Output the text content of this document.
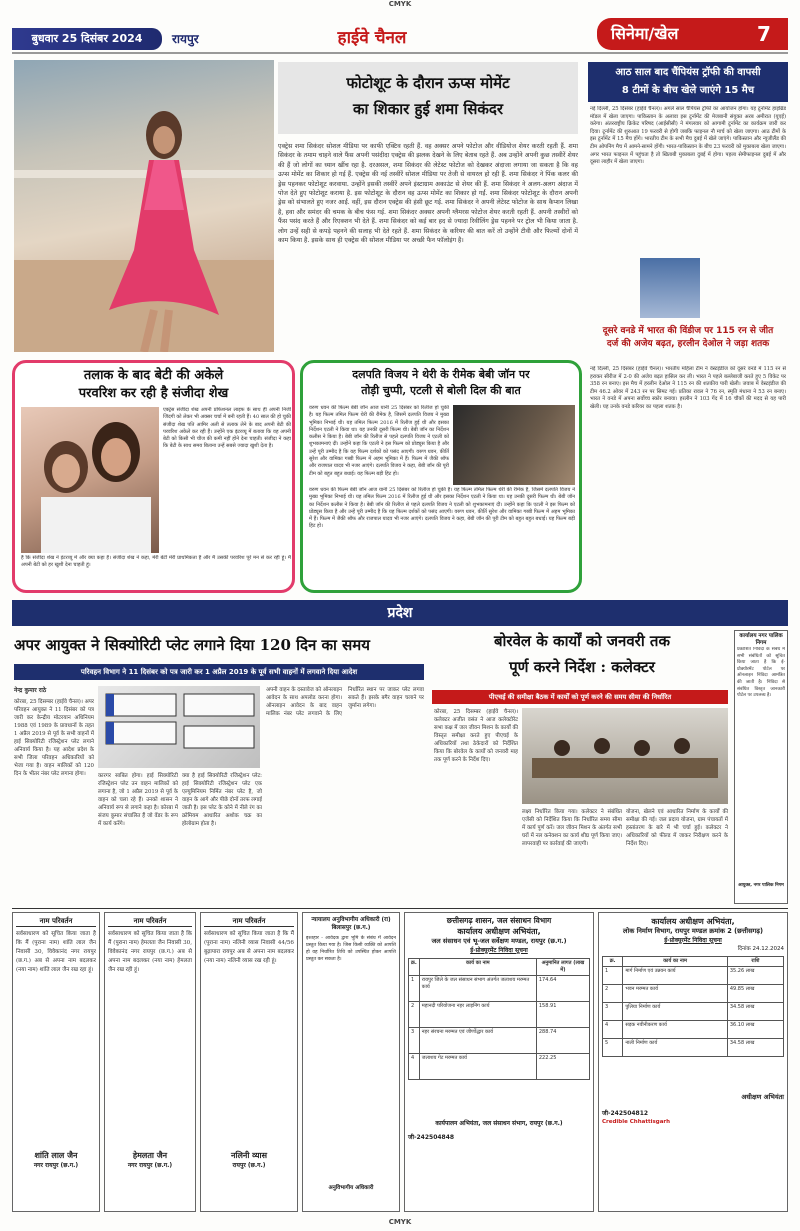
CMYK
बुधवार 25 दिसंबर 2024	रायपुर	हाईवे चैनल	सिनेमा/खेल	7
फोटोशूट के दौरान ऊप्स मोमेंट
का शिकार हुई शमा सिकंदर
एक्ट्रेस शमा सिकंदर सोशल मीडिया पर काफी एक्टिव रहती हैं. वह अक्सर अपने फोटोज और वीडियोज शेयर करती रहती हैं. शमा सिकंदर के तमाम चाहने वाले फैंस अपनी पसंदीदा एक्ट्रेस की झलक देखने के लिए बेताब रहते हैं. अब उन्होंने अपनी कुछ तस्वीरें शेयर की हैं जो लोगों का ध्यान खींच रहा है. दरअसल, शमा सिकंदर की लेटेस्ट फोटोज को देखकर अंदाजा लगाया जा सकता है कि वह ऊप्स मोमेंट का शिकार हो गई हैं. एक्ट्रेस की नई तस्वीरें सोशल मीडिया पर तेजी से वायरल हो रही हैं. शमा सिकंदर ने पिंक कलर की ड्रेस पहनकर फोटोशूट करवाया. उन्होंने इसकी तस्वीरें अपने इंस्टाग्राम अकाउंट से शेयर की हैं. शमा सिकंदर ने अलग-अलग अंदाज में पोज देते हुए फोटोशूट कराया है. इस फोटोशूट के दौरान वह ऊप्स मोमेंट का शिकार हो गईं. शमा सिकंदर फोटोशूट के दौरान अपनी ड्रेस को संभालते हुए नजर आईं. वहीं, इस दौरान एक्ट्रेस की हंसी छूट गई. शमा सिकंदर ने अपनी लेटेस्ट फोटोज के साथ कैप्शन लिखा है, हवा और समंदर की चमक के बीच फंस गई. शमा सिकंदर अक्सर अपनी ग्लैमरस फोटोज शेयर करती रहती हैं. अपनी तस्वीरों को फैंस पसंद करते हैं और रिएक्शन भी देते हैं. शमा सिकंदर को कई बार हद से ज्यादा रिवीलिंग ड्रेस पहनने पर ट्रोल भी किया जाता है. लोग उन्हें सही से कपड़े पहनने की सलाह भी देते रहते हैं. शमा सिकंदर के करियर की बात करें तो उन्होंने टीवी और फिल्मों दोनों में काम किया है. इसके साथ ही एक्ट्रेस की सोशल मीडिया पर अच्छी फैन फॉलोइंग है।
आठ साल बाद चैंपियंस ट्रॉफी की वापसी
8 टीमों के बीच खेले जाएंगे 15 मैच
नई दिल्ली, 25 दिसंबर (हाईवे चैनल)। अगले साल चैंपियंस ट्रॉफी का आयोजन होगा। यह टूर्नामेंट हाइब्रिड मॉडल में खेला जाएगा। पाकिस्तान के अलावा इस टूर्नामेंट की मेजबानी संयुक्त अरब अमीरात (यूएई) करेगा। अंतरराष्ट्रीय क्रिकेट परिषद (आईसीसी) ने मंगलवार को आगामी टूर्नामेंट का कार्यक्रम जारी कर दिया। टूर्नामेंट की शुरुआत 19 फरवरी से होगी जबकि फाइनल नौ मार्च को खेला जाएगा। आठ टीमों के इस टूर्नामेंट में 15 मैच होंगे। भारतीय टीम के सभी मैच दुबई में खेले जाएंगे। पाकिस्तान और न्यूजीलैंड की टीम ओपनिंग मैच में आमने-सामने होंगी। भारत-पाकिस्तान के बीच 23 फरवरी को मुकाबला खेला जाएगा। अगर भारत फाइनल में पहुंचता है तो खिताबी मुकाबला दुबई में होगा। पहला सेमीफाइनल दुबई में और दूसरा लाहौर में खेला जाएगा।
दूसरे वनडे में भारत की विंडीज पर 115 रन से जीत
दर्ज की अजेय बढ़त, हरलीन देओल ने जड़ा शतक
नई दिल्ली, 25 दिसंबर (हाईवे चैनल)। भारतीय महिला टीम ने वेस्टइंडीज को दूसरे वनडे में 115 रन से हराकर सीरीज में 2-0 की अजेय बढ़त हासिल कर ली। भारत ने पहले बल्लेबाजी करते हुए 5 विकेट पर 358 रन बनाए। इस मैच में हरलीन देओल ने 115 रन की शतकीय पारी खेली। जवाब में वेस्टइंडीज की टीम 46.2 ओवर में 243 रन पर सिमट गई। प्रतिका रावल ने 76 रन, स्मृति मंधाना ने 53 रन बनाए। भारत ने वनडे में अपना सर्वोच्च स्कोर बनाया। हरलीन ने 103 गेंद में 16 चौकों की मदद से यह पारी खेली। यह उनके वनडे करियर का पहला शतक है।
तलाक के बाद बेटी की अकेले
परवरिश कर रही है संजीदा शेख
एक्ट्रेस संजीदा शेख अपनी प्रोफेशनल लाइफ के साथ ही अपनी निजी जिंदगी को लेकर भी अक्सर चर्चा में बनी रहती हैं। 40 साल की हो चुकी संजीदा शेख पति आमिर अली से तलाक लेने के बाद अपनी बेटी की परवरिश अकेले कर रही हैं। उन्होंने एक इंटरव्यू में बताया कि वह अपनी बेटी को किसी भी चीज की कमी नहीं होने देना चाहती। संजीदा ने कहा कि बेटी के साथ समय बिताना उन्हें सबसे ज्यादा खुशी देता है।
हैं कि संजीदा शेख ने इंटरव्यू में और क्या कहा है। संजीदा शेख ने कहा, मेरी बेटी मेरी प्राथमिकता है और मैं उसकी परवरिश पूरे मन से कर रही हूं। मैं अपनी बेटी को हर खुशी देना चाहती हूं।
दलपति विजय ने थेरी के रीमेक बेबी जॉन पर
तोड़ी चुप्पी, एटली से बोली दिल की बात
वरुण धवन की फिल्म बेबी जॉन आज यानी 25 दिसंबर को रिलीज हो चुकी है। यह फिल्म तमिल फिल्म थेरी की रीमेक है, जिसमें दलपति विजय ने मुख्य भूमिका निभाई थी। यह तमिल फिल्म 2016 में रिलीज हुई थी और इसका निर्देशन एटली ने किया था। यह उनकी दूसरी फिल्म थी। बेबी जॉन का निर्देशन कलीस ने किया है। बेबी जॉन की रिलीज से पहले दलपति विजय ने एटली को शुभकामनाएं दीं। उन्होंने कहा कि एटली ने इस फिल्म को प्रोड्यूस किया है और उन्हें पूरी उम्मीद है कि यह फिल्म दर्शकों को पसंद आएगी। वरुण धवन, कीर्ति सुरेश और वामिका गब्बी फिल्म में अहम भूमिका में हैं। फिल्म में जैकी श्रॉफ और राजपाल यादव भी नजर आएंगे। दलपति विजय ने कहा, बेबी जॉन की पूरी टीम को बहुत बहुत बधाई। यह फिल्म बड़ी हिट हो।
वरुण धवन की फिल्म बेबी जॉन आज यानी 25 दिसंबर को रिलीज हो चुकी है। यह फिल्म तमिल फिल्म थेरी की रीमेक है, जिसमें दलपति विजय ने मुख्य भूमिका निभाई थी। यह तमिल फिल्म 2016 में रिलीज हुई थी और इसका निर्देशन एटली ने किया था। यह उनकी दूसरी फिल्म थी। बेबी जॉन का निर्देशन कलीस ने किया है। बेबी जॉन की रिलीज से पहले दलपति विजय ने एटली को शुभकामनाएं दीं। उन्होंने कहा कि एटली ने इस फिल्म को प्रोड्यूस किया है और उन्हें पूरी उम्मीद है कि यह फिल्म दर्शकों को पसंद आएगी। वरुण धवन, कीर्ति सुरेश और वामिका गब्बी फिल्म में अहम भूमिका में हैं। फिल्म में जैकी श्रॉफ और राजपाल यादव भी नजर आएंगे। दलपति विजय ने कहा, बेबी जॉन की पूरी टीम को बहुत बहुत बधाई। यह फिल्म बड़ी हिट हो।
प्रदेश
अपर आयुक्त ने सिक्योरिटी प्लेट लगाने दिया 120 दिन का समय
परिवहन विभाग ने 11 दिसंबर को पत्र जारी कर 1 अप्रैल 2019 के पूर्व सभी वाहनों में लगवाने दिया आदेश
नेन्द्र कुमार राठे
कोरबा, 25 दिसम्बर (हाईवे चैनल)। अपर परिवहन आयुक्त ने 11 दिसंबर को पत्र जारी कर केन्द्रीय मोटरयान अधिनियम 1988 एवं 1989 के प्रावधानों के तहत 1 अप्रैल 2019 से पूर्व के सभी वाहनों में हाई सिक्योरिटी रजिस्ट्रेशन प्लेट लगाने अनिवार्य किया है। यह आदेश प्रदेश के सभी जिला परिवहन अधिकारियों को भेजा गया है। वाहन मालिकों को 120 दिन के भीतर नंबर प्लेट लगाना होगा।	कारगर साबित होगा। हाई सिक्योरिटी रजिस्ट्रेशन प्लेट उन वाहन मालिकों को लगाना है, जो 1 अप्रैल 2019 से पूर्व के वाहन को चला रहे हैं। उनको शासन ने अनिवार्य रूप से लगाने कहा है। कोरबा में संजय कुमार संचालित हैं जो वेंडर के रूप में कार्य करेंगे।
क्या है हाई सिक्योरिटी रजिस्ट्रेशन प्लेट: हाई सिक्योरिटी रजिस्ट्रेशन प्लेट एक एल्युमिनियम निर्मित नंबर प्लेट है, जो वाहन के आगे और पीछे दोनों तरफ लगाई जाती है। इस प्लेट के कोने में नीले रंग का क्रोमियम आधारित अशोक चक्र का होलोग्राम होता है।
अपनी वाहन के दस्तावेज को ऑनलाइन आवेदन के साथ अपलोड करना होगा। ऑनलाइन आवेदन के बाद वाहन मालिक नंबर प्लेट लगवाने के लिए निर्धारित स्थान पर जाकर प्लेट लगवा सकते हैं। इसके बगैर वाहन चलाने पर जुर्माना लगेगा।
बोरवेल के कार्यों को जनवरी तक
पूर्ण करने निर्देश : कलेक्टर
पीएचई की समीक्षा बैठक में कार्यों को पूर्ण करने की समय सीमा की निर्धारित
कोरबा, 25 दिसम्बर (हाईवे चैनल)। कलेक्टर अजीत वसंत ने आज कलेक्टोरेट सभा कक्ष में जल जीवन मिशन के कार्यों की विस्तृत समीक्षा करते हुए पीएचई के अधिकारियों तथा ठेकेदारों को निर्देशित किया कि बोरवेल के कार्यों को जनवरी माह तक पूर्ण करने के निर्देश दिए।
लक्ष्य निर्धारित किया गया। कलेक्टर ने संबंधित एजेंसी को निर्देशित किया कि निर्धारित समय सीमा में कार्य पूर्ण करें। जल जीवन मिशन के अंतर्गत सभी घरों में नल कनेक्शन का कार्य शीघ्र पूर्ण किया जाए। लापरवाही पर कार्रवाई की जाएगी।
योजना, खेलने एवं आधारित निर्माण के कार्यों की समीक्षा की गई। जल प्रदाय योजना, ग्राम पंचायतों में हस्तांतरण के बारे में भी चर्चा हुई। कलेक्टर ने अधिकारियों को फील्ड में जाकर निरीक्षण करने के निर्देश दिए।
कार्यालय नगर पालिक निगम
प्रकाशित निविदा के संबंध में सभी संबंधितों को सूचित किया जाता है कि ई-प्रोक्योरमेंट पोर्टल पर ऑनलाइन निविदा आमंत्रित की जाती है। निविदा से संबंधित विस्तृत जानकारी पोर्टल पर उपलब्ध है।
आयुक्त, नगर पालिक निगम
नाम परिवर्तन
सर्वसाधारण को सूचित किया जाता है कि मैं (पुराना नाम) शांति लाल जैन निवासी 30, विवेकानंद नगर रायपुर (छ.ग.) अब से अपना नाम बदलकर (नया नाम) शांति लाल जैन रख रहा हूं।
शांति लाल जैन
नगर रायपुर (छ.ग.)
नाम परिवर्तन
सर्वसाधारण को सूचित किया जाता है कि मैं (पुराना नाम) हेमलता जैन निवासी 30, विवेकानंद नगर रायपुर (छ.ग.) अब से अपना नाम बदलकर (नया नाम) हेमलता जैन रख रही हूं।
हेमलता जैन
नगर रायपुर (छ.ग.)
नाम परिवर्तन
सर्वसाधारण को सूचित किया जाता है कि मैं (पुराना नाम) नलिनी व्यास निवासी 44/56 बुढ़ापारा रायपुर अब से अपना नाम बदलकर (नया नाम) नलिनी व्यास रख रही हूं।
नलिनी व्यास
रायपुर (छ.ग.)
न्यायालय अनुविभागीय अधिकारी (रा) बिलासपुर (छ.ग.)
इश्तहार - आवेदक द्वारा भूमि के संबंध में आवेदन प्रस्तुत किया गया है। जिस किसी व्यक्ति को आपत्ति हो वह निर्धारित तिथि को उपस्थित होकर आपत्ति प्रस्तुत कर सकता है।
अनुविभागीय अधिकारी
छत्तीसगढ़ शासन, जल संसाधन विभाग
कार्यालय अधीक्षण अभियंता,
जल संसाधन एवं भू-जल सर्वेक्षण मण्डल, रायपुर (छ.ग.)
ई-प्रोक्यूरमेंट निविदा सूचना
क्र.	कार्य का नाम	अनुमानित लागत (लाख में)
1	रायपुर जिले के जल संसाधन संभाग अंतर्गत जलाशय मरम्मत कार्य	174.64
2	महानदी परियोजना नहर लाइनिंग कार्य	158.91
3	नहर संरचना मरम्मत एवं जीर्णोद्धार कार्य	288.74
4	जलाशय गेट मरम्मत कार्य	222.25
कार्यपालन अभियंता, जल संसाधन संभाग, रायपुर (छ.ग.)
जी-242504848
कार्यालय अधीक्षण अभियंता,
लोक निर्माण विभाग, रायपुर मण्डल क्रमांक 2 (छत्तीसगढ़)
ई-प्रोक्यूरमेंट निविदा सूचना
दिनांक 24.12.2024
क्र.	कार्य का नाम	राशि
1	मार्ग निर्माण एवं उन्नयन कार्य	35.26 लाख
2	भवन मरम्मत कार्य	49.85 लाख
3	पुलिया निर्माण कार्य	34.58 लाख
4	सड़क नवीनीकरण कार्य	36.10 लाख
5	नाली निर्माण कार्य	34.58 लाख
अधीक्षण अभियंता
जी-242504812
Credible Chhattisgarh
CMYK
